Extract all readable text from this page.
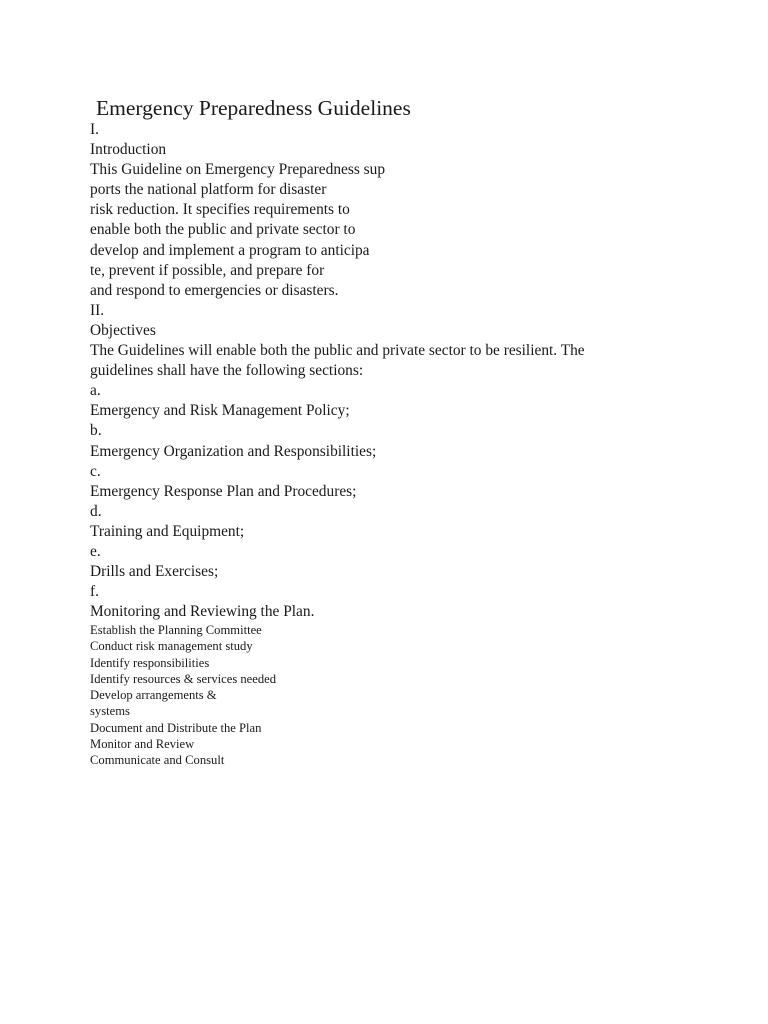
Emergency Preparedness Guidelines
I.
Introduction
This Guideline on Emergency Preparedness sup
ports the national platform for disaster
risk reduction. It specifies requirements to
enable both the public and private sector to
develop and implement a program to anticipa
te, prevent if possible, and prepare for
and respond to emergencies or disasters.
II.
Objectives
The Guidelines will enable both the public and private sector to be resilient. The
guidelines shall have the following sections:
a.
Emergency and Risk Management Policy;
b.
Emergency Organization and Responsibilities;
c.
Emergency Response Plan and Procedures;
d.
Training and Equipment;
e.
Drills and Exercises;
f.
Monitoring and Reviewing the Plan.
Establish the Planning Committee
Conduct risk management study
Identify responsibilities
Identify resources & services needed
Develop arrangements &
systems
Document and Distribute the Plan
Monitor and Review
Communicate and Consult
